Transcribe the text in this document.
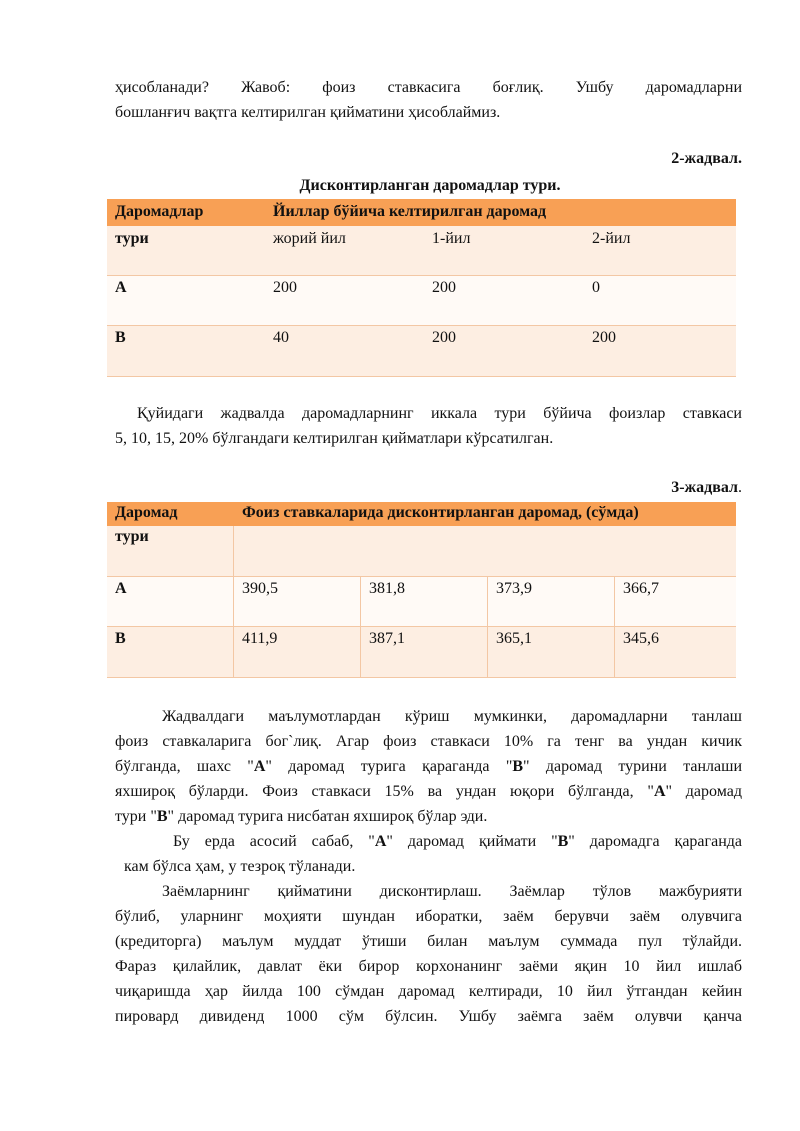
ҳисобланади? Жавоб: фоиз ставкасига боғлиқ. Ушбу даромадларни

бошланғич вақтга келтирилган қийматини ҳисоблаймиз.

2-жадвал.
Дисконтирланган даромадлар тури.
Даромадлар	Йиллар бўйича келтирилган даромад
тури	жорий йил	1-йил	2-йил
A	200	200	0
B	40	200	200

Қуйидаги жадвалда даромадларнинг иккала тури бўйича фоизлар ставкаси

5, 10, 15, 20% бўлгандаги келтирилган қийматлари кўрсатилган.

3-жадвал.
Даромад	Фоиз ставкаларида дисконтирланган даромад, (сўмда)
тури
A	390,5	381,8	373,9	366,7
B	411,9	387,1	365,1	345,6

Жадвалдаги маълумотлардан кўриш мумкинки, даромадларни танлаш

фоиз ставкаларига бог`лиқ. Агар фоиз ставкаси 10% га тенг ва ундан кичик

бўлганда, шахс "A" даромад турига қараганда "B" даромад турини танлаши

яхшироқ бўларди. Фоиз ставкаси 15% ва ундан юқори бўлганда, "A" даромад

тури "B" даромад турига нисбатан яхшироқ бўлар эди.

Бу ерда асосий сабаб, "A" даромад қиймати "B" даромадга қараганда

кам бўлса ҳам, у тезроқ тўланади.

Заёмларнинг қийматини дисконтирлаш. Заёмлар тўлов мажбурияти

бўлиб, уларнинг моҳияти шундан иборатки, заём берувчи заём олувчига

(кредиторга) маълум муддат ўтиши билан маълум суммада пул тўлайди.

Фараз қилайлик, давлат ёки бирор корхонанинг заёми яқин 10 йил ишлаб

чиқаришда ҳар йилда 100 сўмдан даромад келтиради, 10 йил ўтгандан кейин

пировард дивиденд 1000 сўм бўлсин. Ушбу заёмга заём олувчи қанча
